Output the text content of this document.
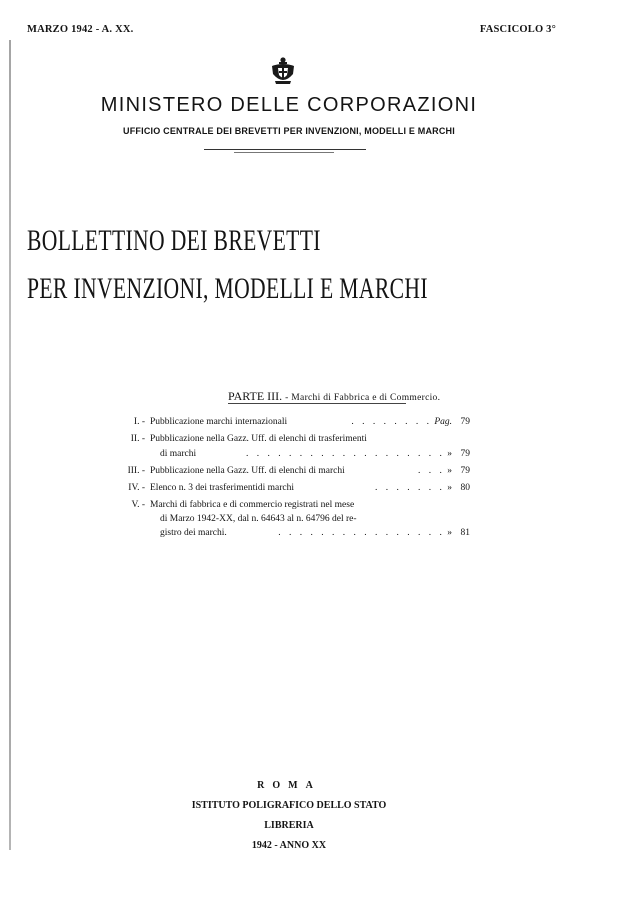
MARZO 1942 - A. XX.	FASCICOLO 3°
MINISTERO DELLE CORPORAZIONI
UFFICIO CENTRALE DEI BREVETTI PER INVENZIONI, MODELLI E MARCHI
BOLLETTINO DEI BREVETTI
PER INVENZIONI, MODELLI E MARCHI
PARTE III. - Marchi di Fabbrica e di Commercio.
I. - Pubblicazione marchi internazionali	. . . . . . . . Pag. 79
II. - Pubblicazione nella Gazz. Uff. di elenchi di trasferimenti
di marchi	. . . . . . . . . . . . . . . . . . . » 79
III. - Pubblicazione nella Gazz. Uff. di elenchi di marchi	. . . » 79
IV. - Elenco n. 3 dei trasferimentidi marchi	. . . . . . . » 80
V. - Marchi di fabbrica e di commercio registrati nel mese
di Marzo 1942-XX, dal n. 64643 al n. 64796 del re-
gistro dei marchi.	. . . . . . . . . . . . . . . . » 81
ROMA
ISTITUTO POLIGRAFICO DELLO STATO
LIBRERIA
1942 - ANNO XX
